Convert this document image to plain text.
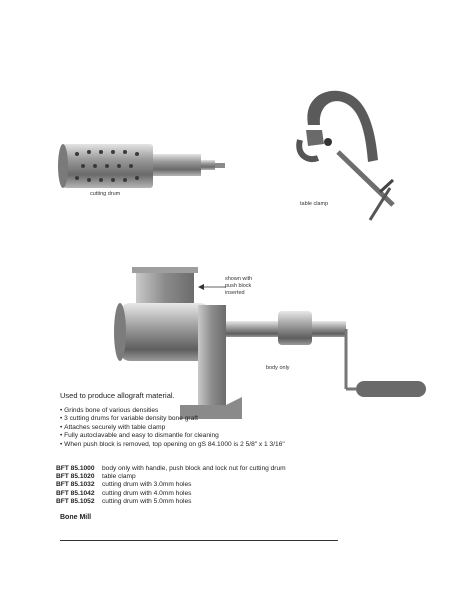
cutting drum
table clamp
shown with
push block
inserted
body only
Used to produce allograft material.
• Grinds bone of various densities
• 3 cutting drums for variable density bone graft
• Attaches securely with table clamp
• Fully autoclavable and easy to dismantle for cleaning
• When push block is removed, top opening on gS 84.1000 is 2 5/8" x 1 3/16"
BFT 85.1000	body only with handle, push block and lock nut for cutting drum
BFT 85.1020	table clamp
BFT 85.1032	cutting drum with 3.0mm holes
BFT 85.1042	cutting drum with 4.0mm holes
BFT 85.1052	cutting drum with 5.0mm holes
Bone Mill
